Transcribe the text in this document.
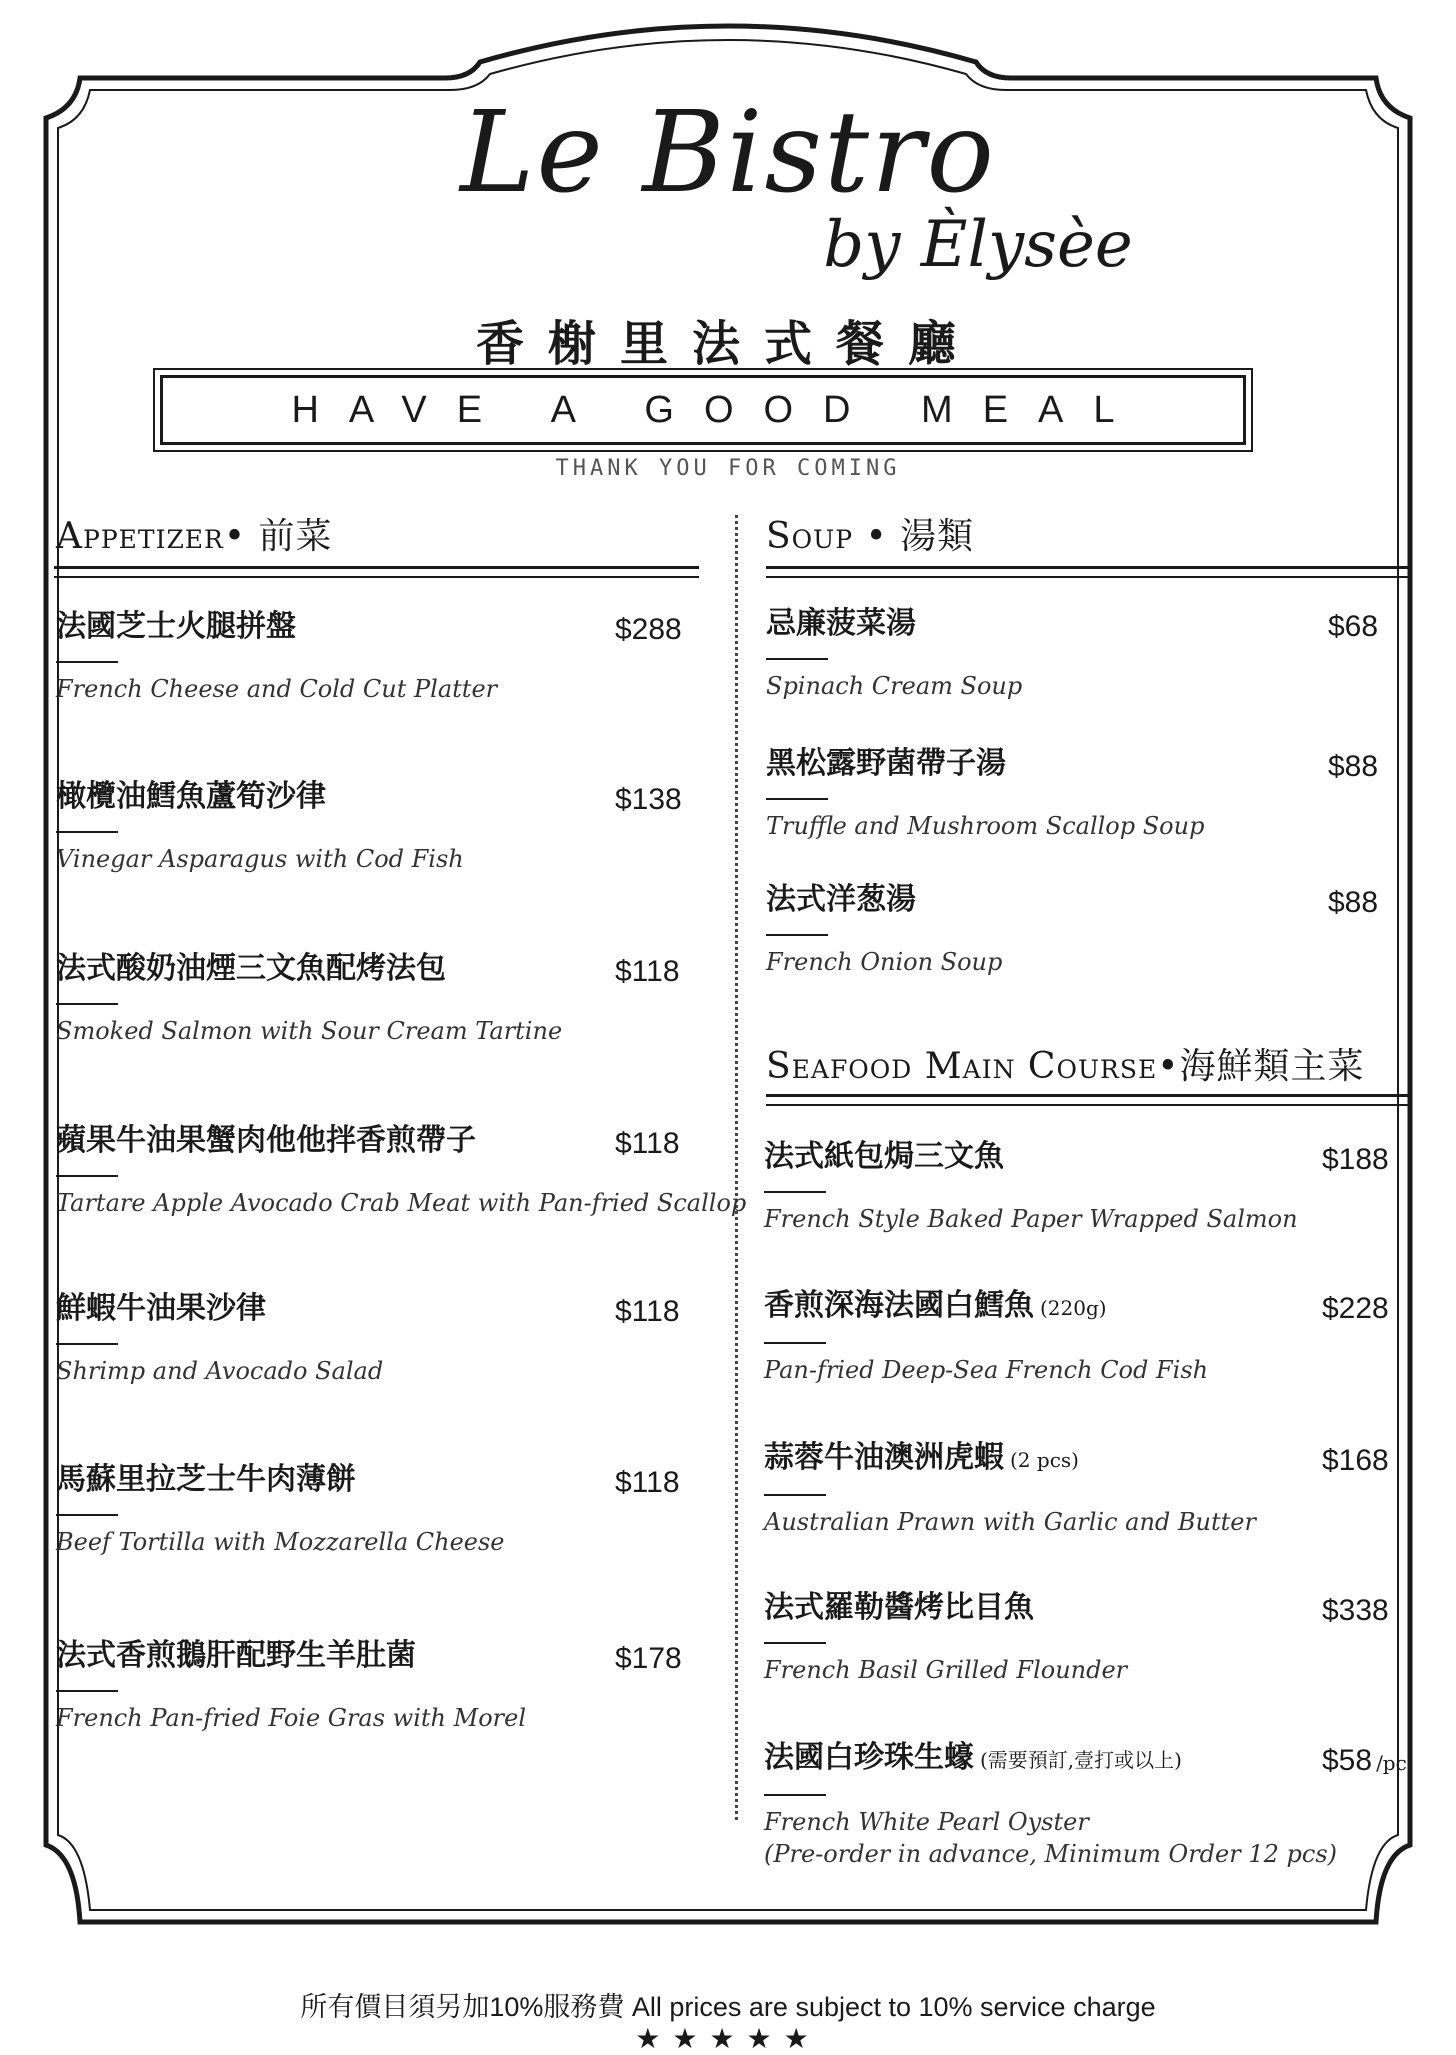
Le Bistro
by Èlysèe
香榭里法式餐廳
HAVE A GOOD MEAL
THANK YOU FOR COMING
Appetizer• 前菜
法國芝士火腿拼盤
French Cheese and Cold Cut Platter
$288
橄欖油鱈魚蘆筍沙律
Vinegar Asparagus with Cod Fish
$138
法式酸奶油煙三文魚配烤法包
Smoked Salmon with Sour Cream Tartine
$118
蘋果牛油果蟹肉他他拌香煎帶子
Tartare Apple Avocado Crab Meat with Pan-fried Scallop
$118
鮮蝦牛油果沙律
Shrimp and Avocado Salad
$118
馬蘇里拉芝士牛肉薄餅
Beef Tortilla with Mozzarella Cheese
$118
法式香煎鵝肝配野生羊肚菌
French Pan-fried Foie Gras with Morel
$178
Soup • 湯類
忌廉菠菜湯
Spinach Cream Soup
$68
黑松露野菌帶子湯
Truffle and Mushroom Scallop Soup
$88
法式洋葱湯
French Onion Soup
$88
Seafood Main Course•海鮮類主菜
法式紙包焗三文魚
French Style Baked Paper Wrapped Salmon
$188
香煎深海法國白鱈魚 (220g)
Pan-fried Deep-Sea French Cod Fish
$228
蒜蓉牛油澳洲虎蝦 (2 pcs)
Australian Prawn with Garlic and Butter
$168
法式羅勒醬烤比目魚
French Basil Grilled Flounder
$338
法國白珍珠生蠔 (需要預訂,壹打或以上)
French White Pearl Oyster
(Pre-order in advance, Minimum Order 12 pcs)
$58 /pc
所有價目須另加10%服務費 All prices are subject to 10% service charge
★★★★★
